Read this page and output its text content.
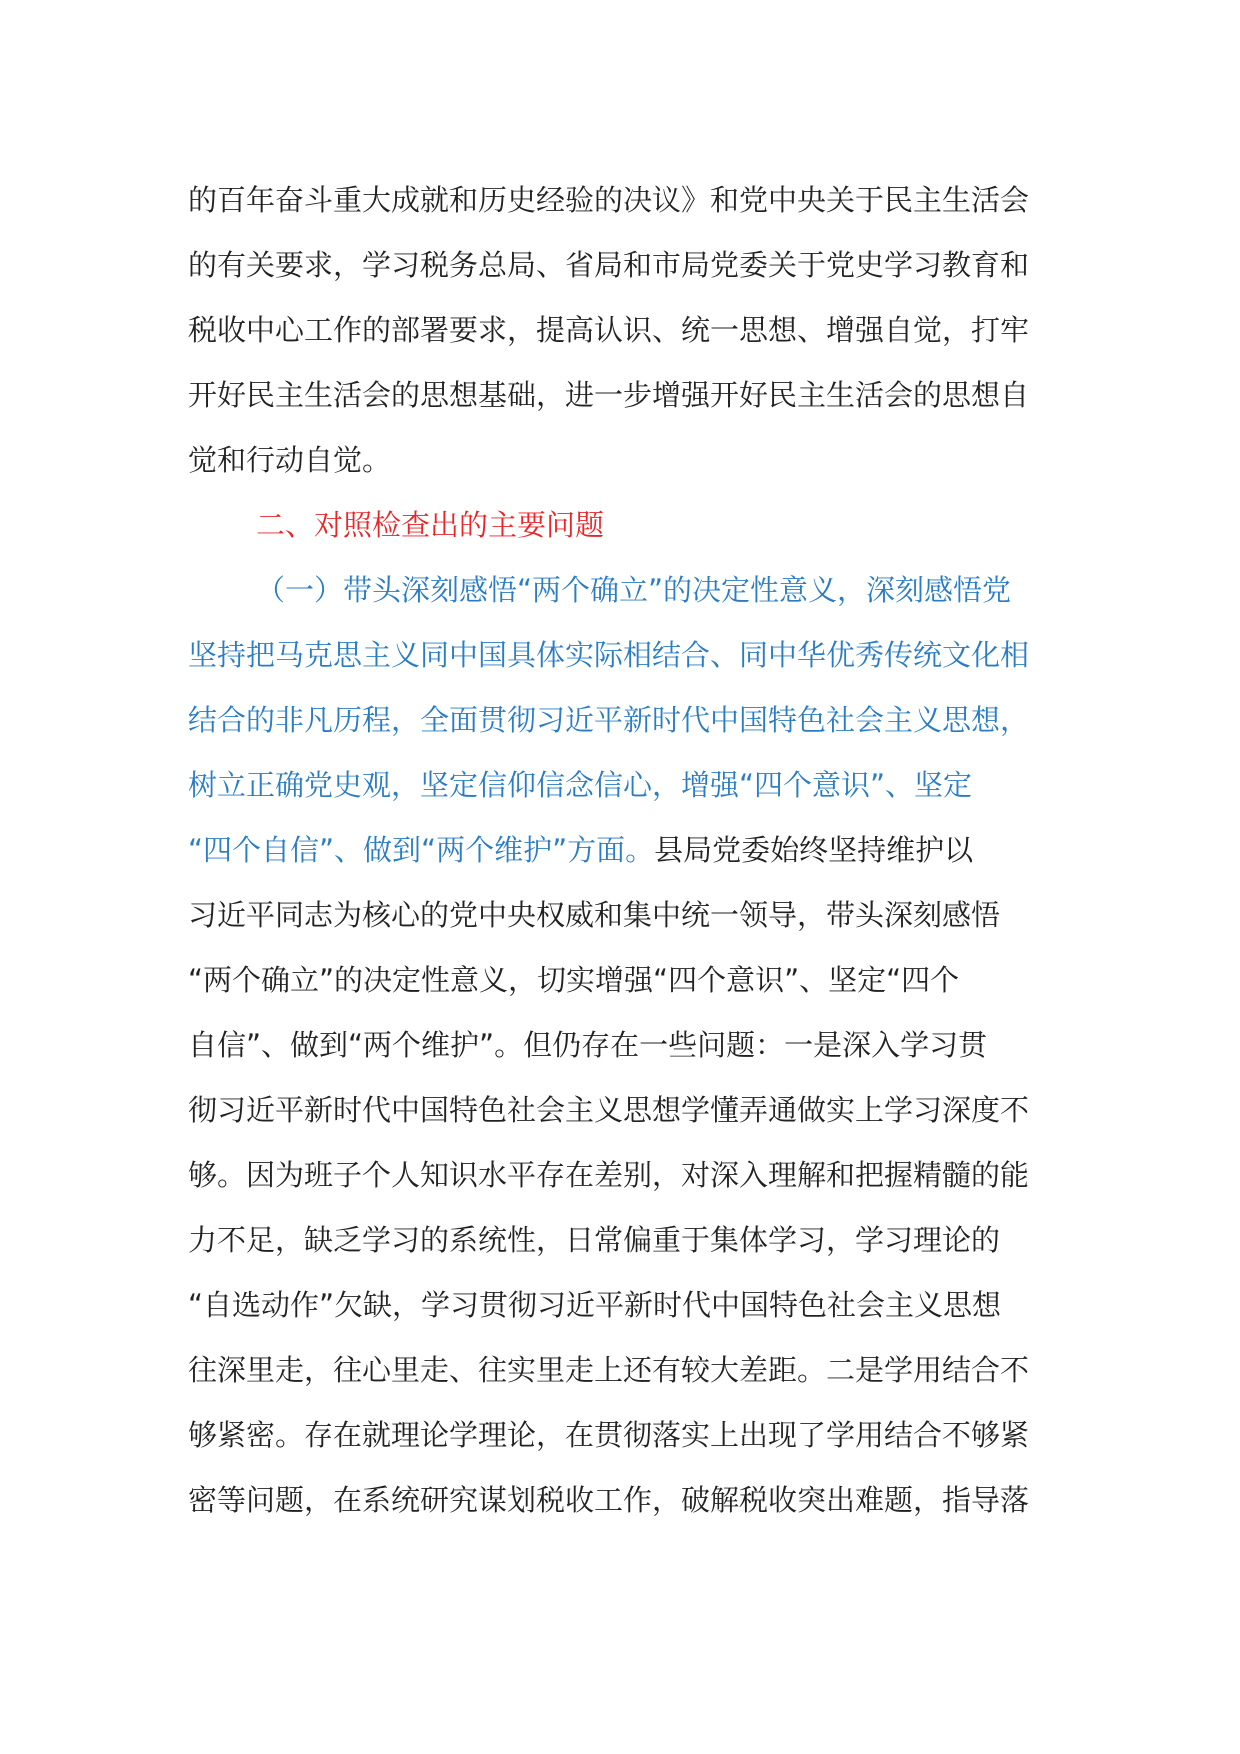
的百年奋斗重大成就和历史经验的决议》和党中央关于民主生活会
的有关要求，学习税务总局、省局和市局党委关于党史学习教育和
税收中心工作的部署要求，提高认识、统一思想、增强自觉，打牢
开好民主生活会的思想基础，进一步增强开好民主生活会的思想自
觉和行动自觉。
二、对照检查出的主要问题
（一）带头深刻感悟“两个确立”的决定性意义，深刻感悟党
坚持把马克思主义同中国具体实际相结合、同中华优秀传统文化相
结合的非凡历程，全面贯彻习近平新时代中国特色社会主义思想，
树立正确党史观，坚定信仰信念信心，增强“四个意识”、坚定
“四个自信”、做到“两个维护”方面。县局党委始终坚持维护以
习近平同志为核心的党中央权威和集中统一领导，带头深刻感悟
“两个确立”的决定性意义，切实增强“四个意识”、坚定“四个
自信”、做到“两个维护”。但仍存在一些问题：一是深入学习贯
彻习近平新时代中国特色社会主义思想学懂弄通做实上学习深度不
够。因为班子个人知识水平存在差别，对深入理解和把握精髓的能
力不足，缺乏学习的系统性，日常偏重于集体学习，学习理论的
“自选动作”欠缺，学习贯彻习近平新时代中国特色社会主义思想
往深里走，往心里走、往实里走上还有较大差距。二是学用结合不
够紧密。存在就理论学理论，在贯彻落实上出现了学用结合不够紧
密等问题，在系统研究谋划税收工作，破解税收突出难题，指导落
